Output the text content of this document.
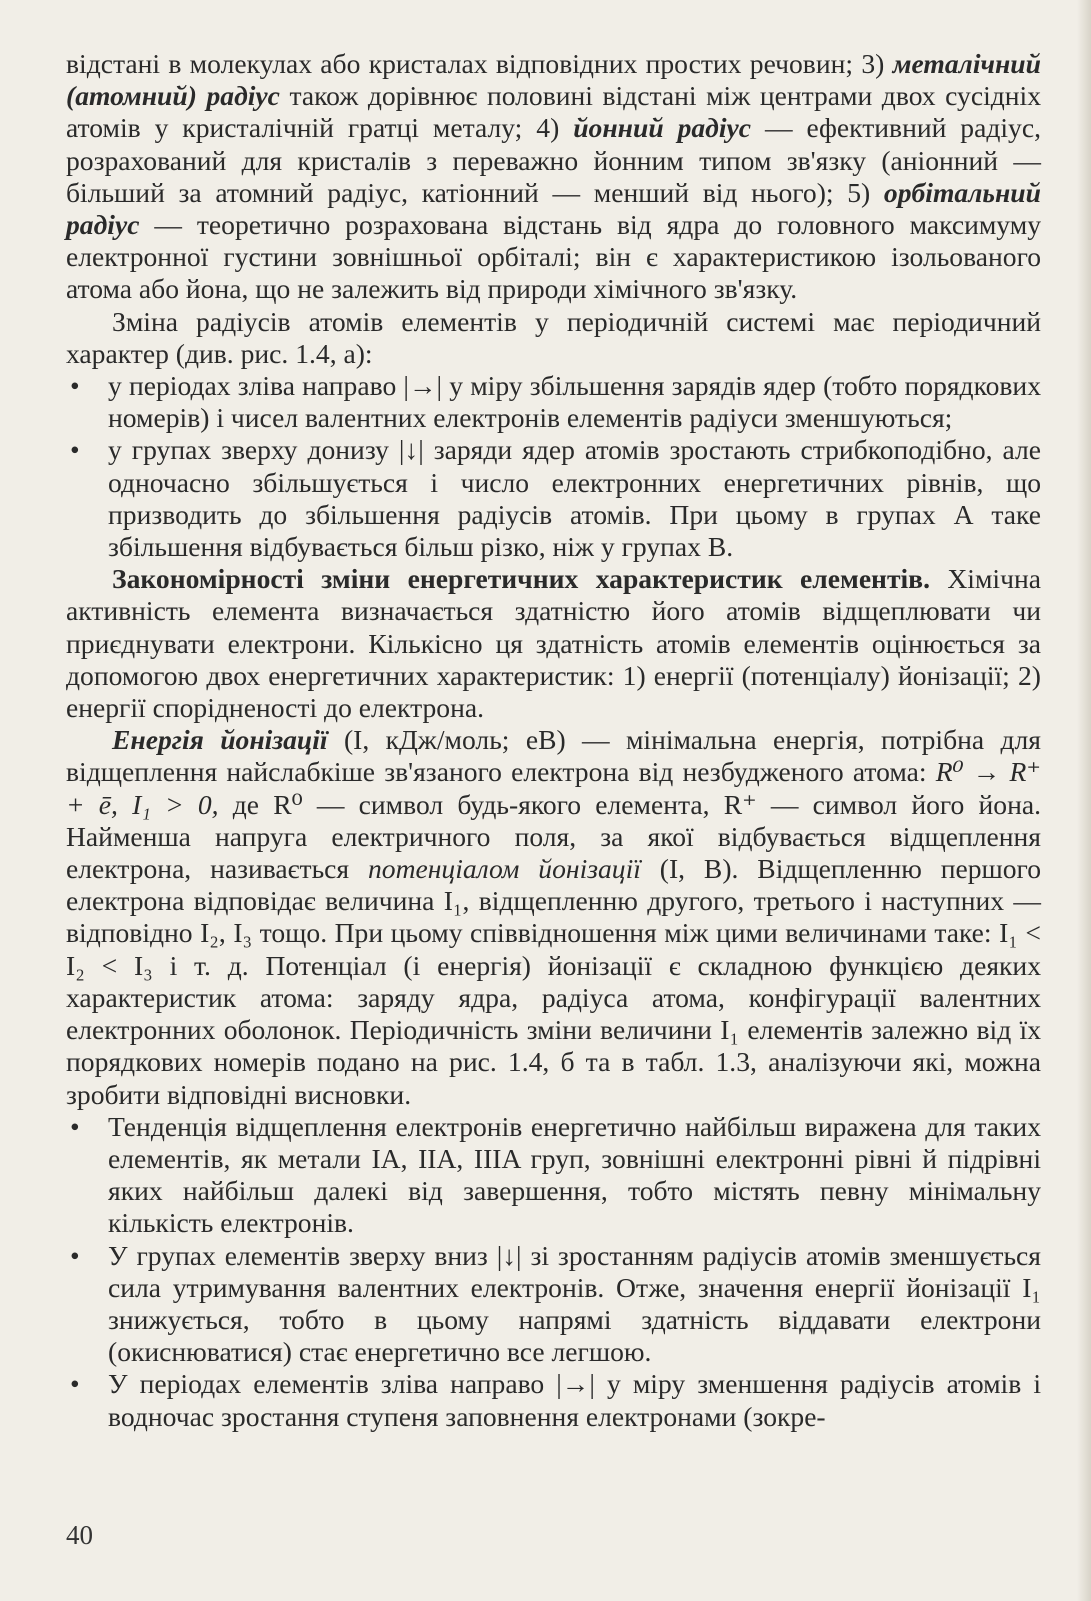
відстані в молекулах або кристалах відповідних простих речовин; 3) металічний (атомний) радіус також дорівнює половині відстані між центрами двох сусідніх атомів у кристалічній гратці металу; 4) йонний радіус — ефективний радіус, розрахований для кристалів з переважно йонним типом зв'язку (аніонний — більший за атомний радіус, катіонний — менший від нього); 5) орбітальний радіус — теоретично розрахована відстань від ядра до головного максимуму електронної густини зовнішньої орбіталі; він є характеристикою ізольованого атома або йона, що не залежить від природи хімічного зв'язку.

Зміна радіусів атомів елементів у періодичній системі має періодичний характер (див. рис. 1.4, а):

• у періодах зліва направо |→| у міру збільшення зарядів ядер (тобто порядкових номерів) і чисел валентних електронів елементів радіуси зменшуються;
• у групах зверху донизу |↓| заряди ядер атомів зростають стрибкоподібно, але одночасно збільшується і число електронних енергетичних рівнів, що призводить до збільшення радіусів атомів. При цьому в групах А таке збільшення відбувається більш різко, ніж у групах В.

Закономірності зміни енергетичних характеристик елементів. Хімічна активність елемента визначається здатністю його атомів відщеплювати чи приєднувати електрони. Кількісно ця здатність атомів елементів оцінюється за допомогою двох енергетичних характеристик: 1) енергії (потенціалу) йонізації; 2) енергії спорідненості до електрона.

Енергія йонізації (I, кДж/моль; еВ) — мінімальна енергія, потрібна для відщеплення найслабкіше зв'язаного електрона від незбудженого атома: R⁰ → R⁺ + ē, I₁ > 0, де R⁰ — символ будь-якого елемента, R⁺ — символ його йона. Найменша напруга електричного поля, за якої відбувається відщеплення електрона, називається потенціалом йонізації (I, В). Відщепленню першого електрона відповідає величина I₁, відщепленню другого, третього і наступних — відповідно I₂, I₃ тощо. При цьому співвідношення між цими величинами таке: I₁ < I₂ < I₃ і т. д. Потенціал (і енергія) йонізації є складною функцією деяких характеристик атома: заряду ядра, радіуса атома, конфігурації валентних електронних оболонок. Періодичність зміни величини I₁ елементів залежно від їх порядкових номерів подано на рис. 1.4, б та в табл. 1.3, аналізуючи які, можна зробити відповідні висновки.

• Тенденція відщеплення електронів енергетично найбільш виражена для таких елементів, як метали IA, IIA, IIIA груп, зовнішні електронні рівні й підрівні яких найбільш далекі від завершення, тобто містять певну мінімальну кількість електронів.
• У групах елементів зверху вниз |↓| зі зростанням радіусів атомів зменшується сила утримування валентних електронів. Отже, значення енергії йонізації I₁ знижується, тобто в цьому напрямі здатність віддавати електрони (окиснюватися) стає енергетично все легшою.
• У періодах елементів зліва направо |→| у міру зменшення радіусів атомів і водночас зростання ступеня заповнення електронами (зокре-
40
